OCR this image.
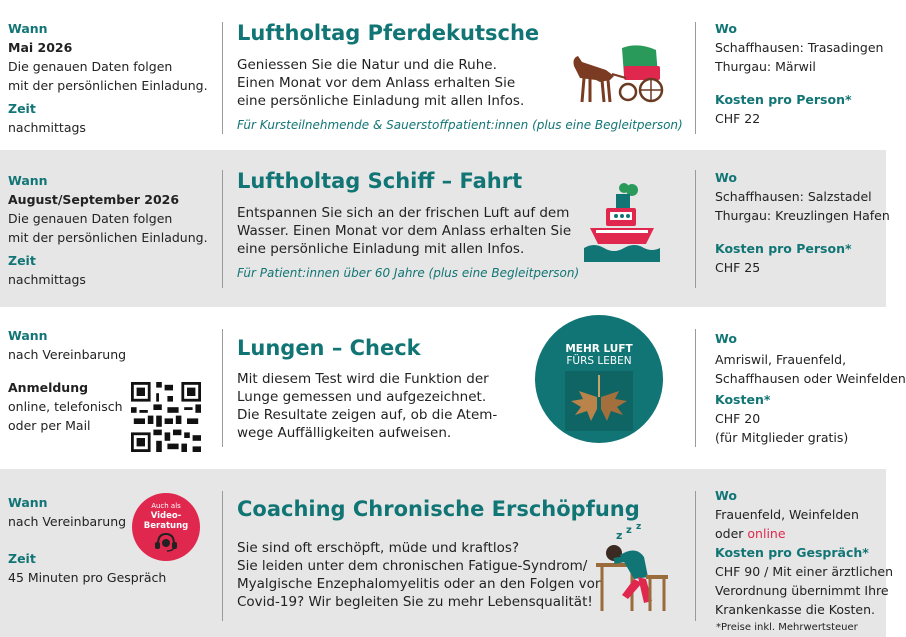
Wann
Mai 2026
Die genauen Daten folgen
mit der persönlichen Einladung.
Zeit
nachmittags
Luftholtag Pferdekutsche
Geniessen Sie die Natur und die Ruhe.
Einen Monat vor dem Anlass erhalten Sie
eine persönliche Einladung mit allen Infos.
Für Kursteilnehmende & Sauerstoffpatient:innen (plus eine Begleitperson)
Wo
Schaffhausen: Trasadingen
Thurgau: Märwil
Kosten pro Person*
CHF 22
Wann
August/September 2026
Die genauen Daten folgen
mit der persönlichen Einladung.
Zeit
nachmittags
Luftholtag Schiff – Fahrt
Entspannen Sie sich an der frischen Luft auf dem
Wasser. Einen Monat vor dem Anlass erhalten Sie
eine persönliche Einladung mit allen Infos.
Für Patient:innen über 60 Jahre (plus eine Begleitperson)
Wo
Schaffhausen: Salzstadel
Thurgau: Kreuzlingen Hafen
Kosten pro Person*
CHF 25
Wann
nach Vereinbarung
Anmeldung
online, telefonisch
oder per Mail
Lungen – Check
Mit diesem Test wird die Funktion der
Lunge gemessen und aufgezeichnet.
Die Resultate zeigen auf, ob die Atem-
wege Auffälligkeiten aufweisen.
MEHR LUFT
FÜRS LEBEN
Wo
Amriswil, Frauenfeld,
Schaffhausen oder Weinfelden
Kosten*
CHF 20
(für Mitglieder gratis)
Wann
nach Vereinbarung
Zeit
45 Minuten pro Gespräch
Auch als
Video-
Beratung
Coaching Chronische Erschöpfung
Sie sind oft erschöpft, müde und kraftlos?
Sie leiden unter dem chronischen Fatigue-Syndrom/
Myalgische Enzephalomyelitis oder an den Folgen von
Covid-19? Wir begleiten Sie zu mehr Lebensqualität!
z z z
Wo
Frauenfeld, Weinfelden
oder online
Kosten pro Gespräch*
CHF 90 / Mit einer ärztlichen
Verordnung übernimmt Ihre
Krankenkasse die Kosten.
*Preise inkl. Mehrwertsteuer
